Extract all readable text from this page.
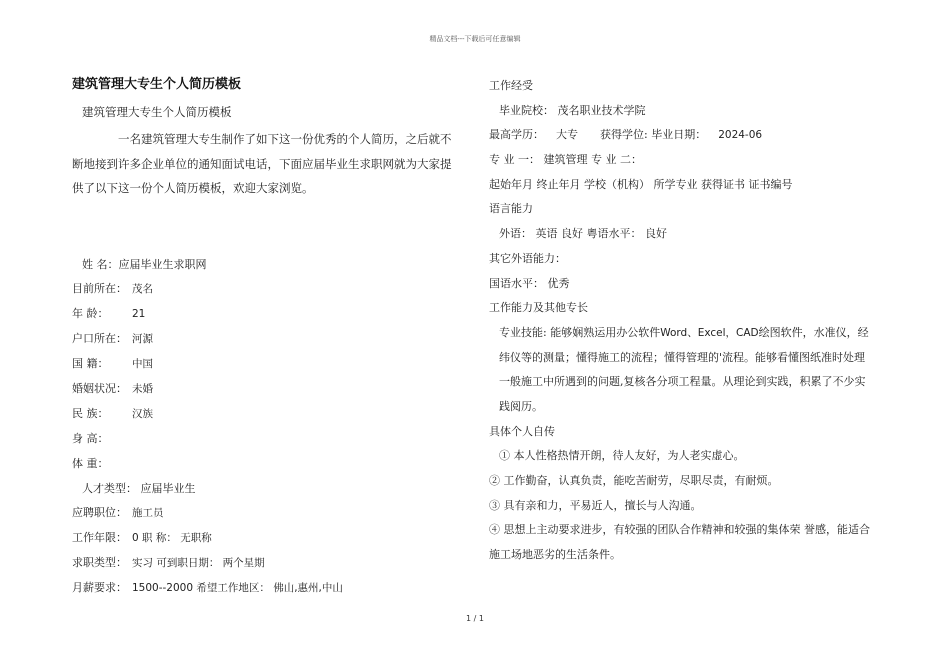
精品文档---下载后可任意编辑
建筑管理大专生个人简历模板
建筑管理大专生个人简历模板
一名建筑管理大专生制作了如下这一份优秀的个人简历，之后就不断地接到许多企业单位的通知面试电话，下面应届毕业生求职网就为大家提供了以下这一份个人简历模板，欢迎大家浏览。
姓 名：应届毕业生求职网
目前所在： 茂名
年 龄： 21
户口所在： 河源
国 籍： 中国
婚姻状况： 未婚
民 族： 汉族
身 高：
体 重：
人才类型： 应届毕业生
应聘职位： 施工员
工作年限： 0 职 称： 无职称
求职类型： 实习 可到职日期： 两个星期
月薪要求： 1500--2000 希望工作地区： 佛山,惠州,中山
工作经受
毕业院校： 茂名职业技术学院
最高学历： 大专 获得学位: 毕业日期： 2024-06
专 业 一： 建筑管理 专 业 二：
起始年月 终止年月 学校（机构） 所学专业 获得证书 证书编号
语言能力
外语： 英语 良好 粤语水平： 良好
其它外语能力：
国语水平： 优秀
工作能力及其他专长
专业技能: 能够娴熟运用办公软件Word、Excel，CAD绘图软件，水准仪，经纬仪等的测量；懂得施工的流程；懂得管理的'流程。能够看懂图纸准时处理一般施工中所遇到的问题,复核各分项工程量。从理论到实践，积累了不少实践阅历。
具体个人自传
① 本人性格热情开朗，待人友好，为人老实虚心。
② 工作勤奋，认真负责，能吃苦耐劳，尽职尽责，有耐烦。
③ 具有亲和力，平易近人，擅长与人沟通。
④ 思想上主动要求进步，有较强的团队合作精神和较强的集体荣 誉感，能适合施工场地恶劣的生活条件。
1 / 1
